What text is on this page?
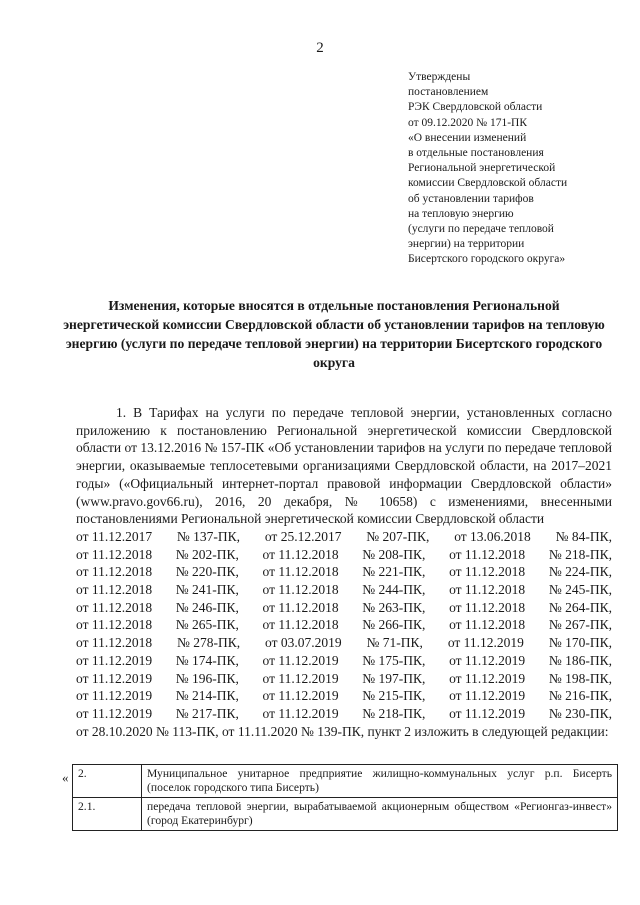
2
Утверждены
постановлением
РЭК Свердловской области
от 09.12.2020 № 171-ПК
«О внесении изменений
в отдельные постановления
Региональной энергетической
комиссии Свердловской области
об установлении тарифов
на тепловую энергию
(услуги по передаче тепловой
энергии) на территории
Бисертского городского округа»
Изменения, которые вносятся в отдельные постановления Региональной энергетической комиссии Свердловской области об установлении тарифов на тепловую энергию (услуги по передаче тепловой энергии) на территории Бисертского городского округа

1. В Тарифах на услуги по передаче тепловой энергии, установленных согласно приложению к постановлению Региональной энергетической комиссии Свердловской области от 13.12.2016 № 157-ПК «Об установлении тарифов на услуги по передаче тепловой энергии, оказываемые теплосетевыми организациями Свердловской области, на 2017–2021 годы» («Официальный интернет-портал правовой информации Свердловской области» (www.pravo.gov66.ru), 2016, 20 декабря, № 10658) с изменениями, внесенными постановлениями Региональной энергетической комиссии Свердловской области

от 11.12.2017 № 137-ПК, от 25.12.2017 № 207-ПК, от 13.06.2018 № 84-ПК,
от 11.12.2018 № 202-ПК, от 11.12.2018 № 208-ПК, от 11.12.2018 № 218-ПК,
от 11.12.2018 № 220-ПК, от 11.12.2018 № 221-ПК, от 11.12.2018 № 224-ПК,
от 11.12.2018 № 241-ПК, от 11.12.2018 № 244-ПК, от 11.12.2018 № 245-ПК,
от 11.12.2018 № 246-ПК, от 11.12.2018 № 263-ПК, от 11.12.2018 № 264-ПК,
от 11.12.2018 № 265-ПК, от 11.12.2018 № 266-ПК, от 11.12.2018 № 267-ПК,
от 11.12.2018 № 278-ПК, от 03.07.2019 № 71-ПК, от 11.12.2019 № 170-ПК,
от 11.12.2019 № 174-ПК, от 11.12.2019 № 175-ПК, от 11.12.2019 № 186-ПК,
от 11.12.2019 № 196-ПК, от 11.12.2019 № 197-ПК, от 11.12.2019 № 198-ПК,
от 11.12.2019 № 214-ПК, от 11.12.2019 № 215-ПК, от 11.12.2019 № 216-ПК,
от 11.12.2019 № 217-ПК, от 11.12.2019 № 218-ПК, от 11.12.2019 № 230-ПК,
от 28.10.2020 № 113-ПК, от 11.11.2020 № 139-ПК, пункт 2 изложить в следующей редакции:
« 2.	Муниципальное унитарное предприятие жилищно-коммунальных услуг р.п. Бисерть (поселок городского типа Бисерть)
2.1.	передача тепловой энергии, вырабатываемой акционерным обществом «Регионгаз-инвест» (город Екатеринбург)
